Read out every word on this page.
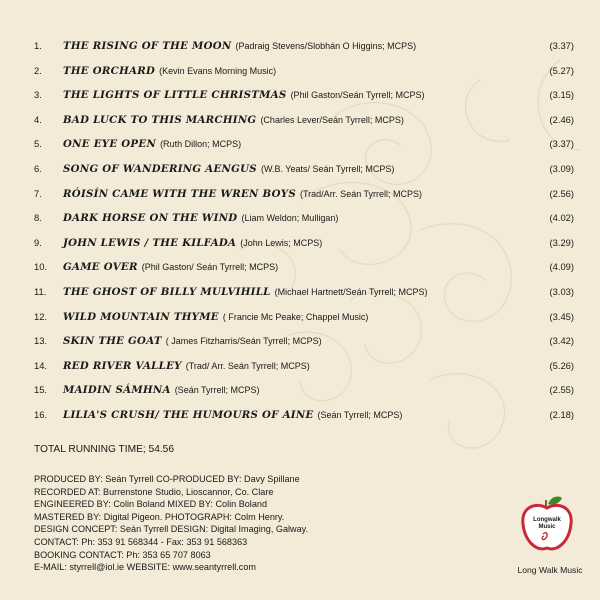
1.	THE RISING OF THE MOON (Padraig Stevens/Slobhán O Higgins; MCPS)	(3.37)
2.	THE ORCHARD (Kevin Evans Morning Music)	(5.27)
3.	THE LIGHTS OF LITTLE CHRISTMAS (Phil Gaston/Seán Tyrrell; MCPS)	(3.15)
4.	BAD LUCK TO THIS MARCHING (Charles Lever/Seán Tyrrell; MCPS)	(2.46)
5.	ONE EYE OPEN (Ruth Dillon; MCPS)	(3.37)
6.	SONG OF WANDERING AENGUS (W.B. Yeats/ Seán Tyrrell; MCPS)	(3.09)
7.	RÓISÍN CAME WITH THE WREN BOYS (Trad/Arr. Seán Tyrrell; MCPS)	(2.56)
8.	DARK HORSE ON THE WIND (Liam Weldon; Mulligan)	(4.02)
9.	JOHN LEWIS / THE KILFADA (John Lewis; MCPS)	(3.29)
10.	GAME OVER (Phil Gaston/ Seán Tyrrell; MCPS)	(4.09)
11.	THE GHOST OF BILLY MULVIHILL (Michael Hartnett/Seán Tyrrell; MCPS)	(3.03)
12.	WILD MOUNTAIN THYME ( Francie Mc Peake; Chappel Music)	(3.45)
13.	SKIN THE GOAT ( James Fitzharris/Seán Tyrrell; MCPS)	(3.42)
14.	RED RIVER VALLEY (Trad/ Arr. Seán Tyrrell; MCPS)	(5.26)
15.	MAIDIN SÁMHNA (Seán Tyrrell; MCPS)	(2.55)
16.	LILIA'S CRUSH/ THE HUMOURS OF AINE (Seán Tyrrell; MCPS)	(2.18)
TOTAL RUNNING TIME; 54.56
PRODUCED BY: Seán Tyrrell CO-PRODUCED BY: Davy Spillane
RECORDED AT: Burrenstone Studio, Lioscannor, Co. Clare
ENGINEERED BY: Colin Boland MIXED BY: Colin Boland
MASTERED BY: Digital Pigeon. PHOTOGRAPH: Colm Henry.
DESIGN CONCEPT: Seán Tyrrell DESIGN: Digital Imaging, Galway.
CONTACT: Ph: 353 91 568344 - Fax: 353 91 568363
BOOKING CONTACT: Ph: 353 65 707 8063
E-MAIL: styrrell@iol.ie WEBSITE: www.seantyrrell.com
Longwalk
Music
Long Walk Music
